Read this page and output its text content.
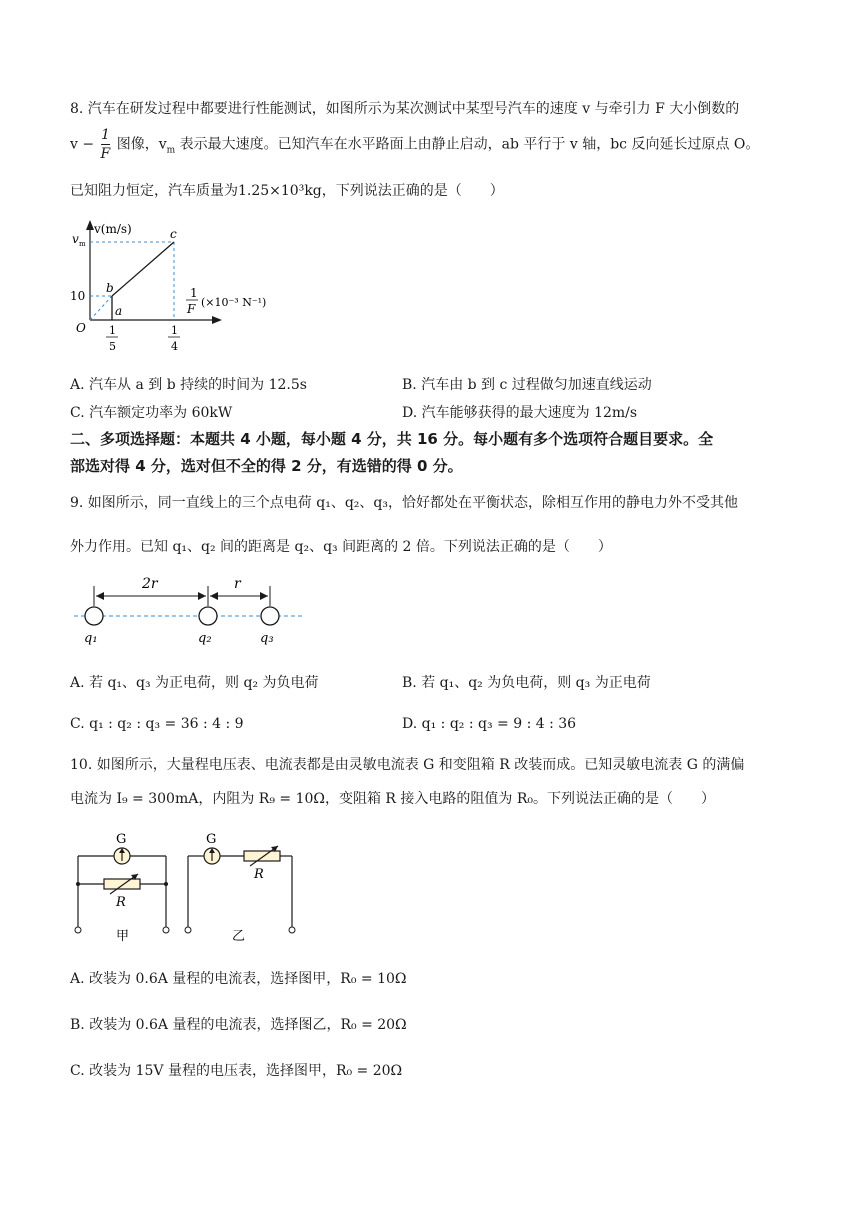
8. 汽车在研发过程中都要进行性能测试，如图所示为某次测试中某型号汽车的速度 v 与牵引力 F 大小倒数的
$v - \frac{1}{F}$ 图像，$v_m$ 表示最大速度。已知汽车在水平路面上由静止启动，ab 平行于 v 轴，bc 反向延长过原点 O。
已知阻力恒定，汽车质量为1.25×10³kg，下列说法正确的是（　　）
v(m/s)
v m
10
O
a
b
c
1
5
1
4
1
F (×10⁻³ N⁻¹)
A. 汽车从 a 到 b 持续的时间为 12.5s	B. 汽车由 b 到 c 过程做匀加速直线运动
C. 汽车额定功率为 60kW	D. 汽车能够获得的最大速度为 12m/s
二、多项选择题：本题共 4 小题，每小题 4 分，共 16 分。每小题有多个选项符合题目要求。全
部选对得 4 分，选对但不全的得 2 分，有选错的得 0 分。
9. 如图所示，同一直线上的三个点电荷 q₁、q₂、q₃，恰好都处在平衡状态，除相互作用的静电力外不受其他
外力作用。已知 q₁、q₂ 间的距离是 q₂、q₃ 间距离的 2 倍。下列说法正确的是（　　）
2r	r
q₁	q₂	q₃
A. 若 q₁、q₃ 为正电荷，则 q₂ 为负电荷	B. 若 q₁、q₂ 为负电荷，则 q₃ 为正电荷
C. q₁ : q₂ : q₃ = 36 : 4 : 9	D. q₁ : q₂ : q₃ = 9 : 4 : 36
10. 如图所示，大量程电压表、电流表都是由灵敏电流表 G 和变阻箱 R 改装而成。已知灵敏电流表 G 的满偏
电流为 I₉ = 300mA，内阻为 R₉ = 10Ω，变阻箱 R 接入电路的阻值为 R₀。下列说法正确的是（　　）
G
R
甲
G
R
乙
A. 改装为 0.6A 量程的电流表，选择图甲，R₀ = 10Ω
B. 改装为 0.6A 量程的电流表，选择图乙，R₀ = 20Ω
C. 改装为 15V 量程的电压表，选择图甲，R₀ = 20Ω
